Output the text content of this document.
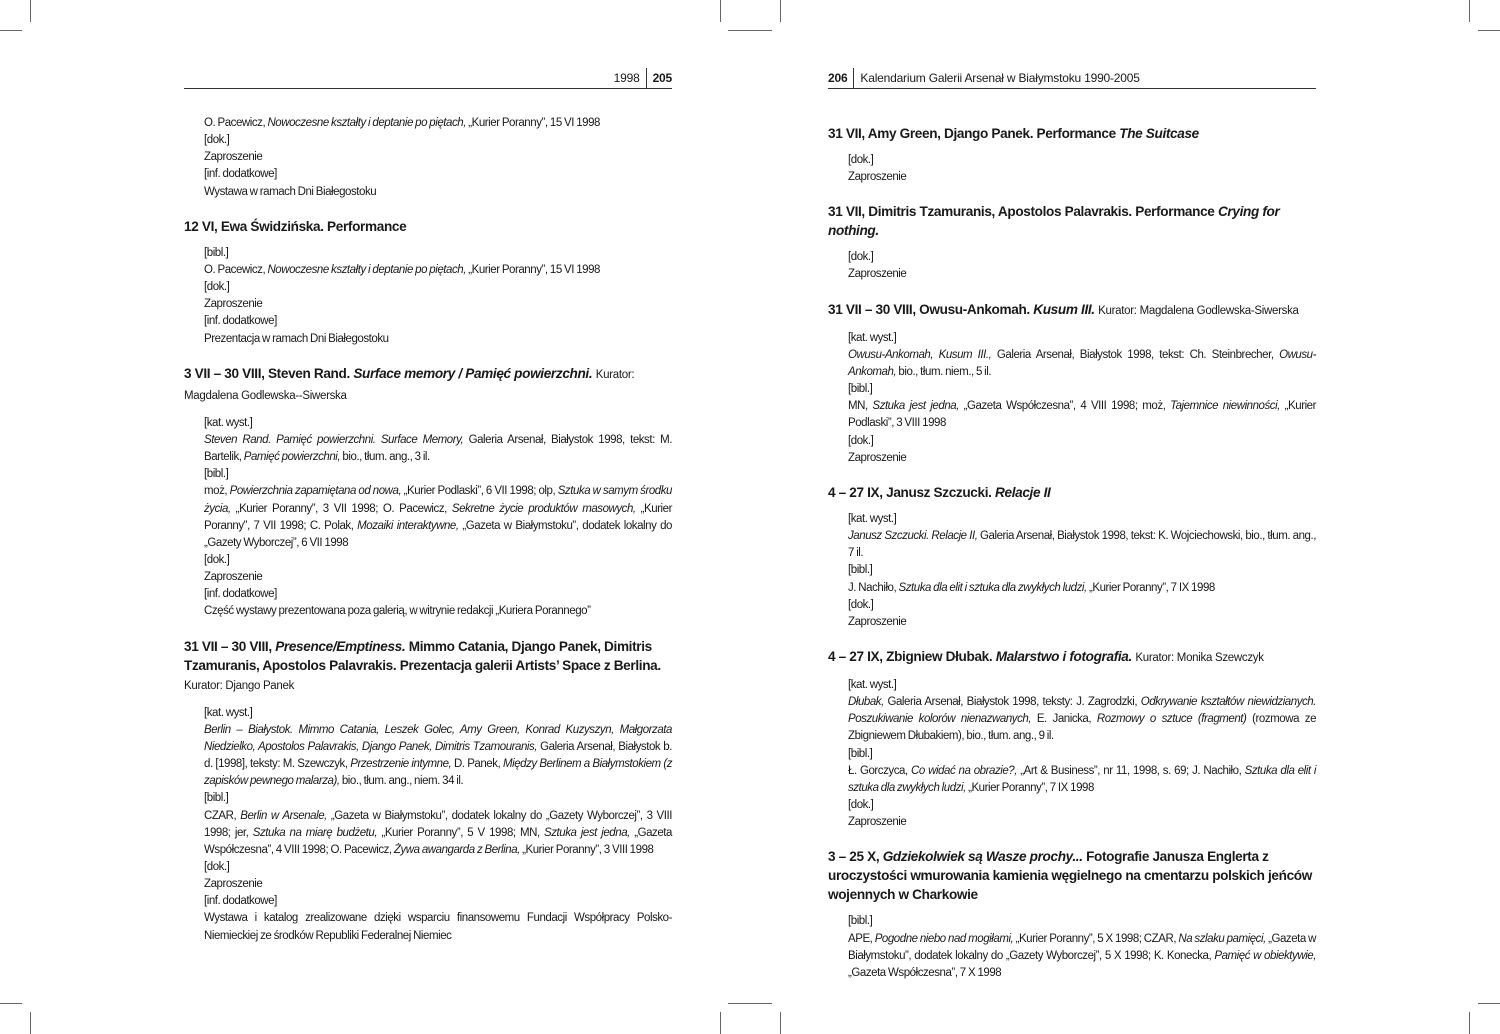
1998 205
O. Pacewicz, Nowoczesne kształty i deptanie po piętach, „Kurier Poranny”, 15 VI 1998
[dok.]
Zaproszenie
[inf. dodatkowe]
Wystawa w ramach Dni Białegostoku
12 VI, Ewa Świdzińska. Performance
[bibl.]
O. Pacewicz, Nowoczesne kształty i deptanie po piętach, „Kurier Poranny”, 15 VI 1998
[dok.]
Zaproszenie
[inf. dodatkowe]
Prezentacja w ramach Dni Białegostoku
3 VII – 30 VIII, Steven Rand. Surface memory / Pamięć powierzchni. Kurator: Magdalena Godlewska--Siwerska
[kat. wyst.]
Steven Rand. Pamięć powierzchni. Surface Memory, Galeria Arsenał, Białystok 1998, tekst: M. Bartelik, Pamięć powierzchni, bio., tłum. ang., 3 il.
[bibl.]
moż, Powierzchnia zapamiętana od nowa, „Kurier Podlaski”, 6 VII 1998; olp, Sztuka w samym środku życia, „Kurier Poranny”, 3 VII 1998; O. Pacewicz, Sekretne życie produktów masowych, „Kurier Poranny”, 7 VII 1998; C. Polak, Mozaiki interaktywne, „Gazeta w Białymstoku”, dodatek lokalny do „Gazety Wyborczej”, 6 VII 1998
[dok.]
Zaproszenie
[inf. dodatkowe]
Część wystawy prezentowana poza galerią, w witrynie redakcji „Kuriera Porannego”
31 VII – 30 VIII, Presence/Emptiness. Mimmo Catania, Django Panek, Dimitris Tzamuranis, Apostolos Palavrakis. Prezentacja galerii Artists’ Space z Berlina. Kurator: Django Panek
[kat. wyst.]
Berlin – Białystok. Mimmo Catania, Leszek Golec, Amy Green, Konrad Kuzyszyn, Małgorzata Niedzielko, Apostolos Palavrakis, Django Panek, Dimitris Tzamouranis, Galeria Arsenał, Białystok b. d. [1998], teksty: M. Szewczyk, Przestrzenie intymne, D. Panek, Między Berlinem a Białymstokiem (z zapisków pewnego malarza), bio., tłum. ang., niem. 34 il.
[bibl.]
CZAR, Berlin w Arsenale, „Gazeta w Białymstoku”, dodatek lokalny do „Gazety Wyborczej”, 3 VIII 1998; jer, Sztuka na miarę budżetu, „Kurier Poranny”, 5 V 1998; MN, Sztuka jest jedna, „Gazeta Współczesna”, 4 VIII 1998; O. Pacewicz, Żywa awangarda z Berlina, „Kurier Poranny”, 3 VIII 1998
[dok.]
Zaproszenie
[inf. dodatkowe]
Wystawa i katalog zrealizowane dzięki wsparciu finansowemu Fundacji Współpracy Polsko-Niemieckiej ze środków Republiki Federalnej Niemiec
206 Kalendarium Galerii Arsenał w Białymstoku 1990-2005
31 VII, Amy Green, Django Panek. Performance The Suitcase
[dok.]
Zaproszenie
31 VII, Dimitris Tzamuranis, Apostolos Palavrakis. Performance Crying for nothing.
[dok.]
Zaproszenie
31 VII – 30 VIII, Owusu-Ankomah. Kusum III. Kurator: Magdalena Godlewska-Siwerska
[kat. wyst.]
Owusu-Ankomah, Kusum III., Galeria Arsenał, Białystok 1998, tekst: Ch. Steinbrecher, Owusu-Ankomah, bio., tłum. niem., 5 il.
[bibl.]
MN, Sztuka jest jedna, „Gazeta Współczesna”, 4 VIII 1998; moż, Tajemnice niewinności, „Kurier Podlaski”, 3 VIII 1998
[dok.]
Zaproszenie
4 – 27 IX, Janusz Szczucki. Relacje II
[kat. wyst.]
Janusz Szczucki. Relacje II, Galeria Arsenał, Białystok 1998, tekst: K. Wojciechowski, bio., tłum. ang., 7 il.
[bibl.]
J. Nachiło, Sztuka dla elit i sztuka dla zwykłych ludzi, „Kurier Poranny”, 7 IX 1998
[dok.]
Zaproszenie
4 – 27 IX, Zbigniew Dłubak. Malarstwo i fotografia. Kurator: Monika Szewczyk
[kat. wyst.]
Dłubak, Galeria Arsenał, Białystok 1998, teksty: J. Zagrodzki, Odkrywanie kształtów niewidzianych. Poszukiwanie kolorów nienazwanych, E. Janicka, Rozmowy o sztuce (fragment) (rozmowa ze Zbigniewem Dłubakiem), bio., tłum. ang., 9 il.
[bibl.]
Ł. Gorczyca, Co widać na obrazie?, „Art & Business”, nr 11, 1998, s. 69; J. Nachiło, Sztuka dla elit i sztuka dla zwykłych ludzi, „Kurier Poranny”, 7 IX 1998
[dok.]
Zaproszenie
3 – 25 X, Gdziekolwiek są Wasze prochy... Fotografie Janusza Englerta z uroczystości wmurowania kamienia węgielnego na cmentarzu polskich jeńców wojennych w Charkowie
[bibl.]
APE, Pogodne niebo nad mogiłami, „Kurier Poranny”, 5 X 1998; CZAR, Na szlaku pamięci, „Gazeta w Białymstoku”, dodatek lokalny do „Gazety Wyborczej”, 5 X 1998; K. Konecka, Pamięć w obiektywie, „Gazeta Współczesna”, 7 X 1998
